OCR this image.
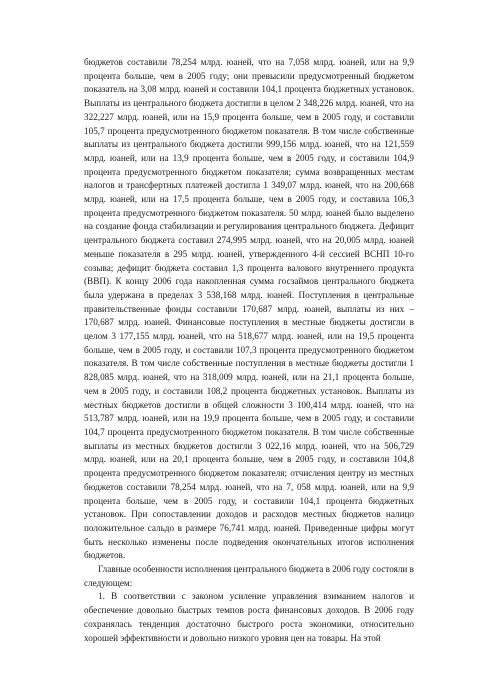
бюджетов составили 78,254 млрд. юаней, что на 7,058 млрд. юаней, или на 9,9 процента больше, чем в 2005 году; они превысили предусмотренный бюджетом показатель на 3,08 млрд. юаней и составили 104,1 процента бюджетных установок. Выплаты из центрального бюджета достигли в целом 2 348,226 млрд. юаней, что на 322,227 млрд. юаней, или на 15,9 процента больше, чем в 2005 году, и составили 105,7 процента предусмотренного бюджетом показателя. В том числе собственные выплаты из центрального бюджета достигли 999,156 млрд. юаней, что на 121,559 млрд. юаней, или на 13,9 процента больше, чем в 2005 году, и составили 104,9 процента предусмотренного бюджетом показателя; сумма возвращенных местам налогов и трансфертных платежей достигла 1 349,07 млрд. юаней, что на 200,668 млрд. юаней, или на 17,5 процента больше, чем в 2005 году, и составила 106,3 процента предусмотренного бюджетом показателя. 50 млрд. юаней было выделено на создание фонда стабилизации и регулирования центрального бюджета. Дефицит центрального бюджета составил 274,995 млрд. юаней, что на 20,005 млрд. юаней меньше показателя в 295 млрд. юаней, утвержденного 4-й сессией ВСНП 10-го созыва; дефицит бюджета составил 1,3 процента валового внутреннего продукта (ВВП). К концу 2006 года накопленная сумма госзаймов центрального бюджета была удержана в пределах 3 538,168 млрд. юаней. Поступления в центральные правительственные фонды составили 170,687 млрд. юаней, выплаты из них – 170,687 млрд. юаней. Финансовые поступления в местные бюджеты достигли в целом 3 177,155 млрд. юаней, что на 518,677 млрд. юаней, или на 19,5 процента больше, чем в 2005 году, и составили 107,3 процента предусмотренного бюджетом показателя. В том числе собственные поступления в местные бюджеты достигли 1 828,085 млрд. юаней, что на 318,009 млрд. юаней, или на 21,1 процента больше, чем в 2005 году, и составили 108,2 процента бюджетных установок. Выплаты из местных бюджетов достигли в общей сложности 3 100,414 млрд. юаней, что на 513,787 млрд. юаней, или на 19,9 процента больше, чем в 2005 году, и составили 104,7 процента предусмотренного бюджетом показателя. В том числе собственные выплаты из местных бюджетов достигли 3 022,16 млрд. юаней, что на 506,729 млрд. юаней, или на 20,1 процента больше, чем в 2005 году, и составили 104,8 процента предусмотренного бюджетом показателя; отчисления центру из местных бюджетов составили 78,254 млрд. юаней, что на 7, 058 млрд. юаней, или на 9,9 процента больше, чем в 2005 году, и составили 104,1 процента бюджетных установок. При сопоставлении доходов и расходов местных бюджетов налицо положительное сальдо в размере 76,741 млрд. юаней. Приведенные цифры могут быть несколько изменены после подведения окончательных итогов исполнения бюджетов.

Главные особенности исполнения центрального бюджета в 2006 году состояли в следующем:

1. В соответствии с законом усиление управления взиманием налогов и обеспечение довольно быстрых темпов роста финансовых доходов. В 2006 году сохранялась тенденция достаточно быстрого роста экономики, относительно хорошей эффективности и довольно низкого уровня цен на товары. На этой
